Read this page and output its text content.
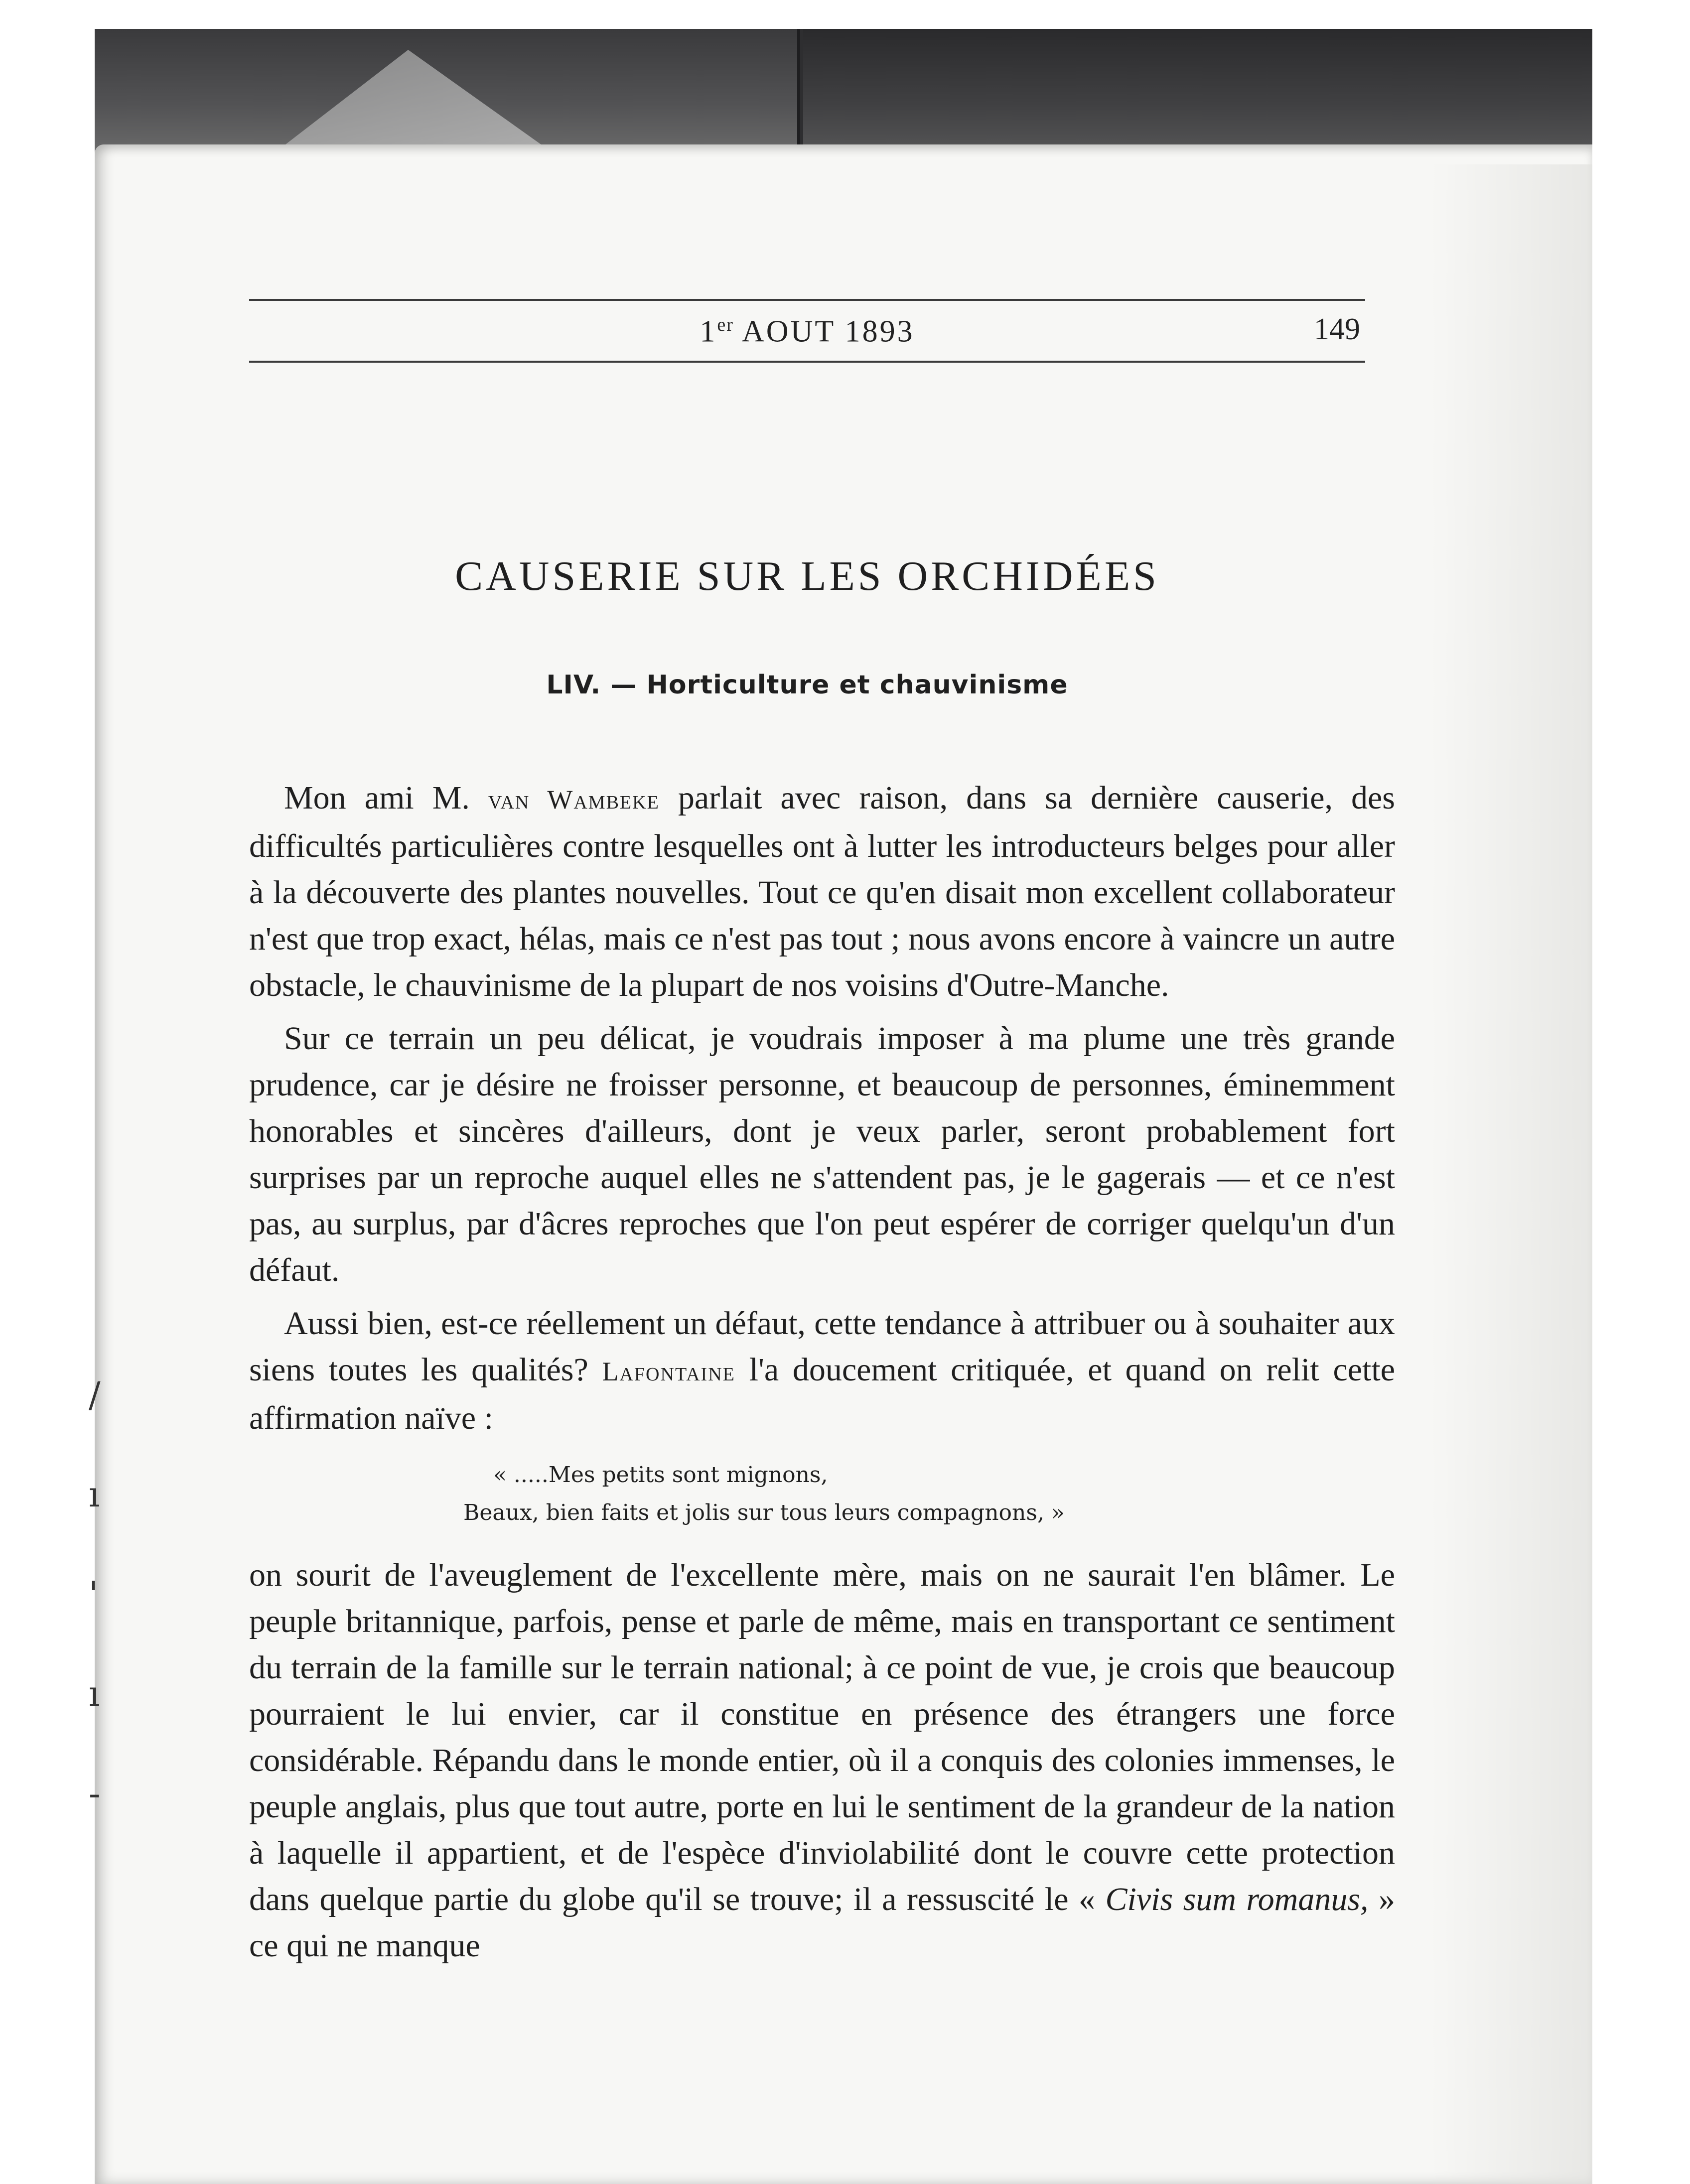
/
ı
'
ı
-
1er AOUT 1893	149
CAUSERIE SUR LES ORCHIDÉES
LIV. — Horticulture et chauvinisme

Mon ami M. van Wambeke parlait avec raison, dans sa dernière causerie, des difficultés particulières contre lesquelles ont à lutter les introducteurs belges pour aller à la découverte des plantes nouvelles. Tout ce qu'en disait mon excellent collaborateur n'est que trop exact, hélas, mais ce n'est pas tout ; nous avons encore à vaincre un autre obstacle, le chauvinisme de la plupart de nos voisins d'Outre-Manche.

Sur ce terrain un peu délicat, je voudrais imposer à ma plume une très grande prudence, car je désire ne froisser personne, et beaucoup de personnes, éminemment honorables et sincères d'ailleurs, dont je veux parler, seront probablement fort surprises par un reproche auquel elles ne s'attendent pas, je le gagerais — et ce n'est pas, au surplus, par d'âcres reproches que l'on peut espérer de corriger quelqu'un d'un défaut.

Aussi bien, est-ce réellement un défaut, cette tendance à attribuer ou à souhaiter aux siens toutes les qualités? Lafontaine l'a doucement critiquée, et quand on relit cette affirmation naïve :

« .....Mes petits sont mignons,
Beaux, bien faits et jolis sur tous leurs compagnons, »

on sourit de l'aveuglement de l'excellente mère, mais on ne saurait l'en blâmer. Le peuple britannique, parfois, pense et parle de même, mais en transportant ce sentiment du terrain de la famille sur le terrain national; à ce point de vue, je crois que beaucoup pourraient le lui envier, car il constitue en présence des étrangers une force considérable. Répandu dans le monde entier, où il a conquis des colonies immenses, le peuple anglais, plus que tout autre, porte en lui le sentiment de la grandeur de la nation à laquelle il appartient, et de l'espèce d'inviolabilité dont le couvre cette protection dans quelque partie du globe qu'il se trouve; il a ressuscité le « Civis sum romanus, » ce qui ne manque
